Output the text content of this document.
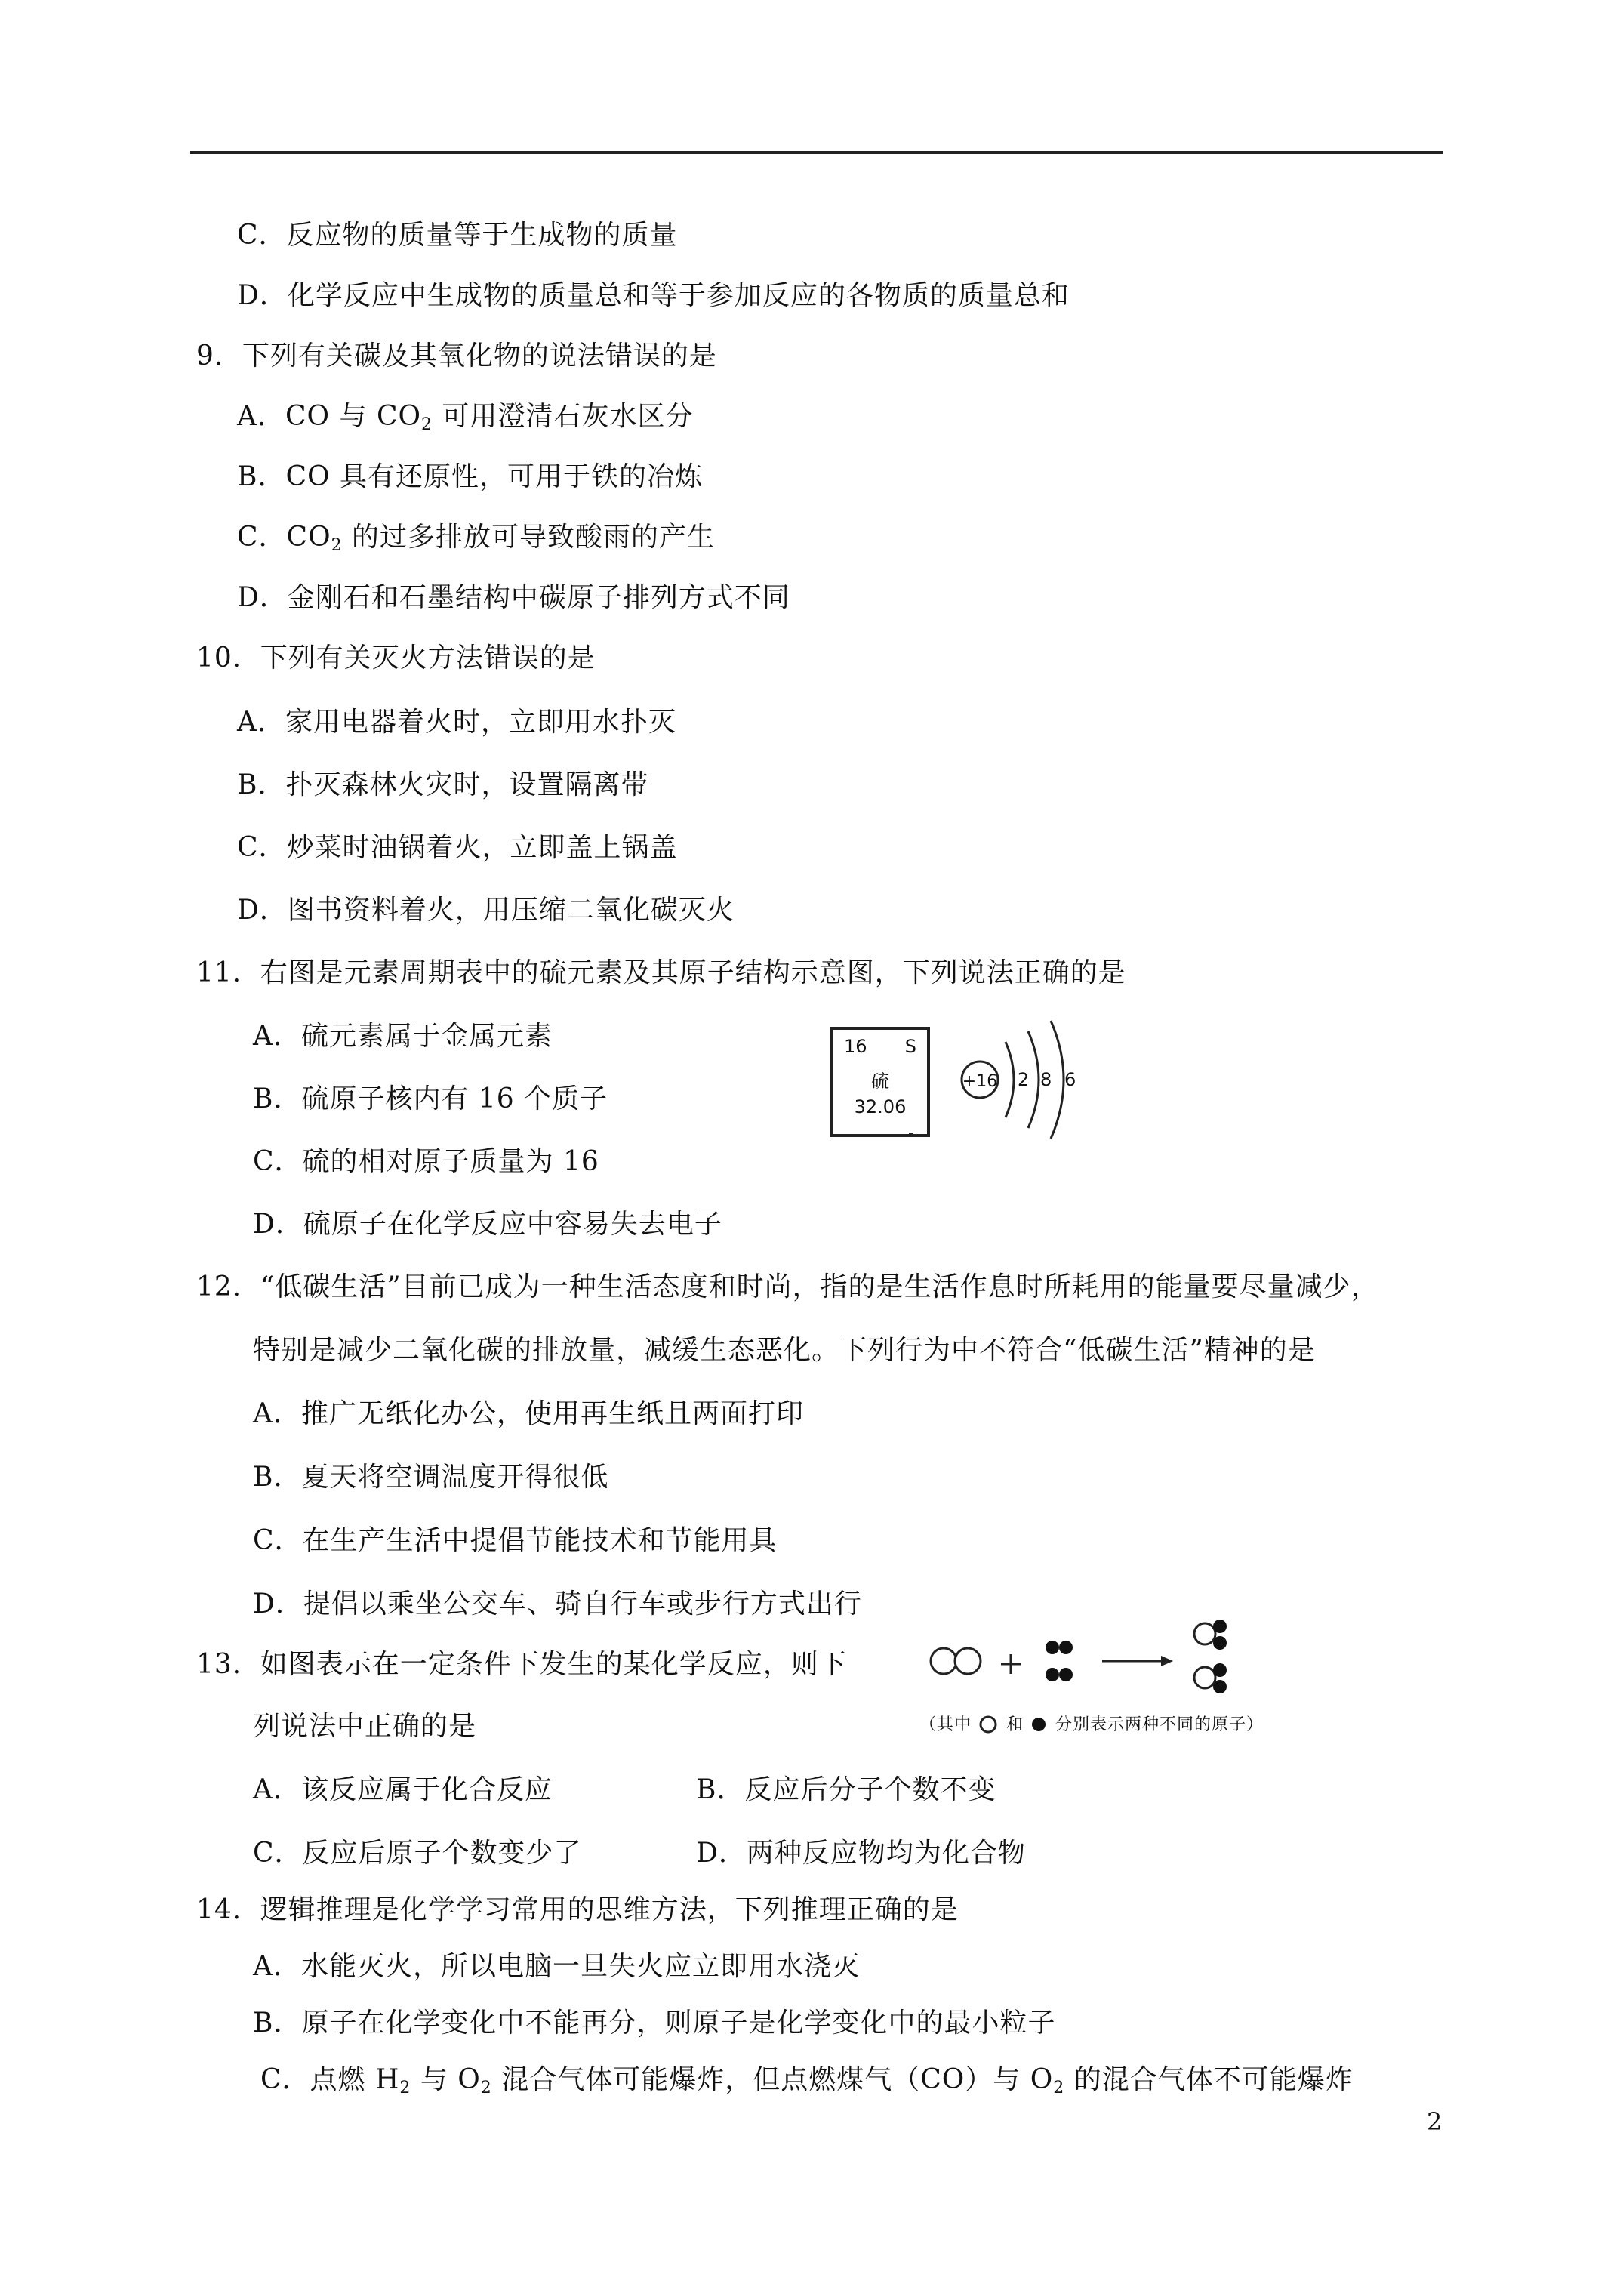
C．反应物的质量等于生成物的质量
D．化学反应中生成物的质量总和等于参加反应的各物质的质量总和
9．下列有关碳及其氧化物的说法错误的是
A．CO 与 $CO_2$ 可用澄清石灰水区分
B．CO 具有还原性，可用于铁的冶炼
C．$CO_2$ 的过多排放可导致酸雨的产生
D．金刚石和石墨结构中碳原子排列方式不同
10．下列有关灭火方法错误的是
A．家用电器着火时，立即用水扑灭
B．扑灭森林火灾时，设置隔离带
C．炒菜时油锅着火，立即盖上锅盖
D．图书资料着火，用压缩二氧化碳灭火
11．右图是元素周期表中的硫元素及其原子结构示意图，下列说法正确的是
A．硫元素属于金属元素
B．硫原子核内有 16 个质子
C．硫的相对原子质量为 16
D．硫原子在化学反应中容易失去电子
16 S
硫
32.06
+16 2 8 6
12．“低碳生活”目前已成为一种生活态度和时尚，指的是生活作息时所耗用的能量要尽量减少，
特别是减少二氧化碳的排放量，减缓生态恶化。下列行为中不符合“低碳生活”精神的是
A．推广无纸化办公，使用再生纸且两面打印
B．夏天将空调温度开得很低
C．在生产生活中提倡节能技术和节能用具
D．提倡以乘坐公交车、骑自行车或步行方式出行
13．如图表示在一定条件下发生的某化学反应，则下
列说法中正确的是	（其中 和 分别表示两种不同的原子）
A．该反应属于化合反应	B．反应后分子个数不变
C．反应后原子个数变少了	D．两种反应物均为化合物
14．逻辑推理是化学学习常用的思维方法，下列推理正确的是
A．水能灭火，所以电脑一旦失火应立即用水浇灭
B．原子在化学变化中不能再分，则原子是化学变化中的最小粒子
C．点燃 $H_2$ 与 $O_2$ 混合气体可能爆炸，但点燃煤气（CO）与 $O_2$ 的混合气体不可能爆炸
2
